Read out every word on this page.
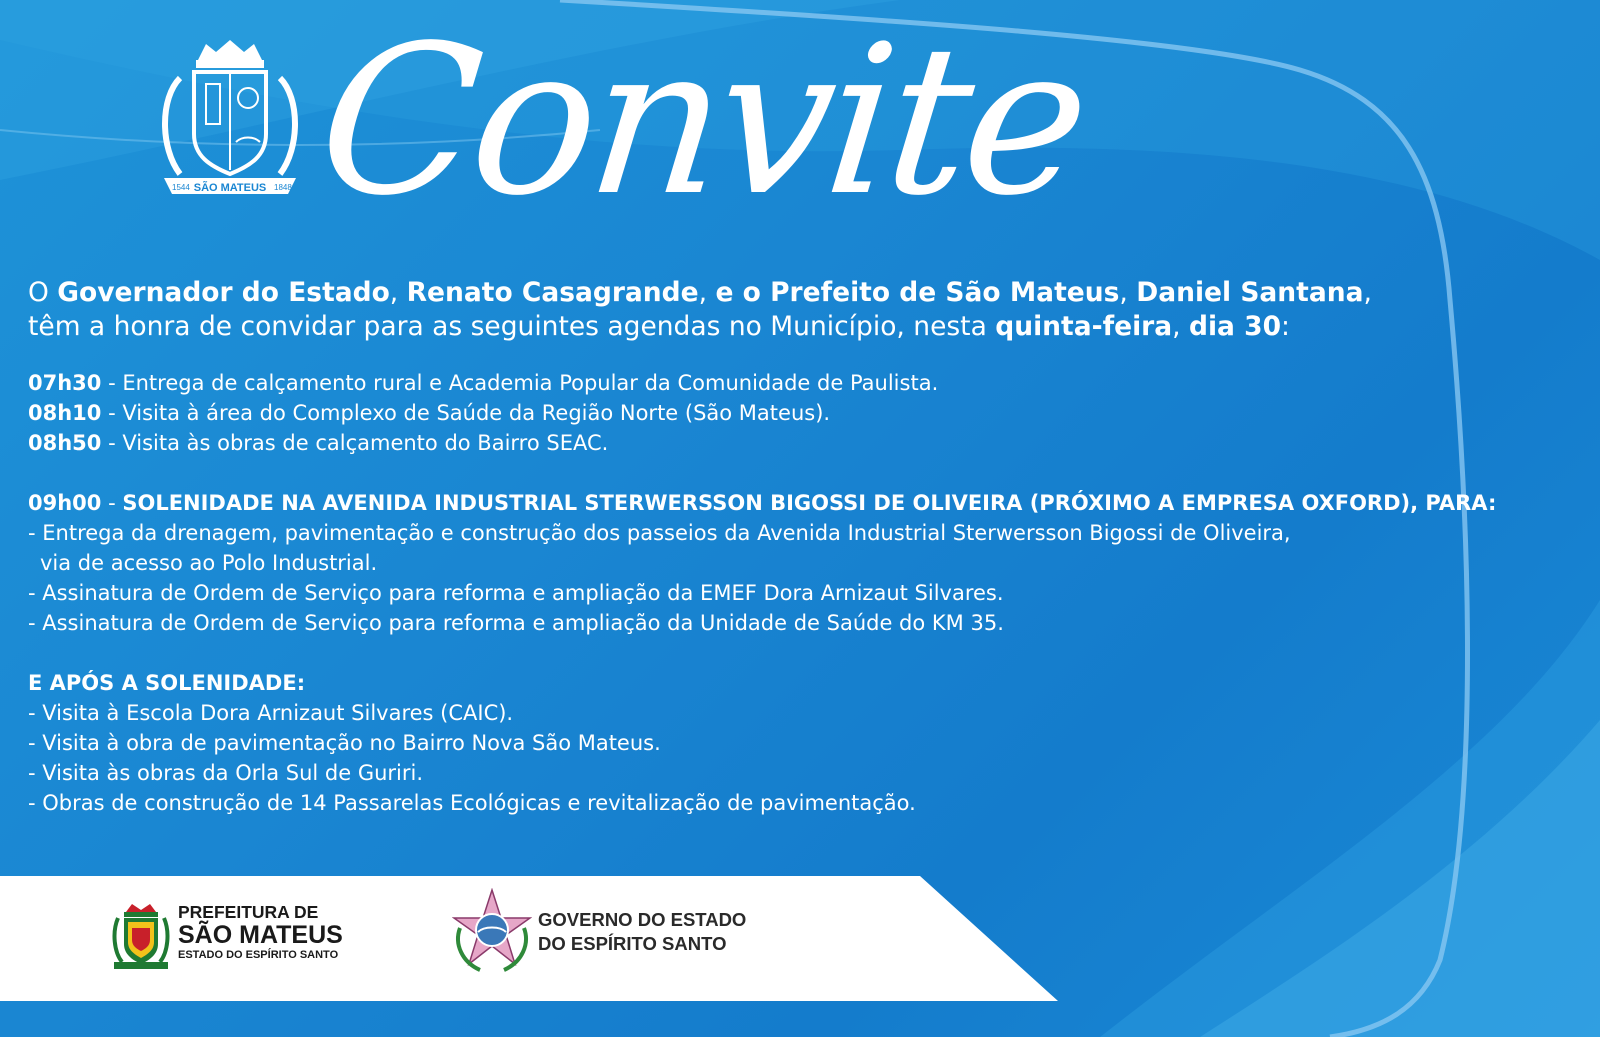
1544 SÃO MATEUS 1848 Convite

O Governador do Estado, Renato Casagrande, e o Prefeito de São Mateus, Daniel Santana,

têm a honra de convidar para as seguintes agendas no Município, nesta quinta-feira, dia 30:

07h30 - Entrega de calçamento rural e Academia Popular da Comunidade de Paulista.

08h10 - Visita à área do Complexo de Saúde da Região Norte (São Mateus).

08h50 - Visita às obras de calçamento do Bairro SEAC.

09h00 - SOLENIDADE NA AVENIDA INDUSTRIAL STERWERSSON BIGOSSI DE OLIVEIRA (PRÓXIMO A EMPRESA OXFORD), PARA:

- Entrega da drenagem, pavimentação e construção dos passeios da Avenida Industrial Sterwersson Bigossi de Oliveira,

via de acesso ao Polo Industrial.

- Assinatura de Ordem de Serviço para reforma e ampliação da EMEF Dora Arnizaut Silvares.

- Assinatura de Ordem de Serviço para reforma e ampliação da Unidade de Saúde do KM 35.

E APÓS A SOLENIDADE:

- Visita à Escola Dora Arnizaut Silvares (CAIC).

- Visita à obra de pavimentação no Bairro Nova São Mateus.

- Visita às obras da Orla Sul de Guriri.

- Obras de construção de 14 Passarelas Ecológicas e revitalização de pavimentação.

PREFEITURA DE
SÃO MATEUS
ESTADO DO ESPÍRITO SANTO
GOVERNO DO ESTADO
DO ESPÍRITO SANTO
